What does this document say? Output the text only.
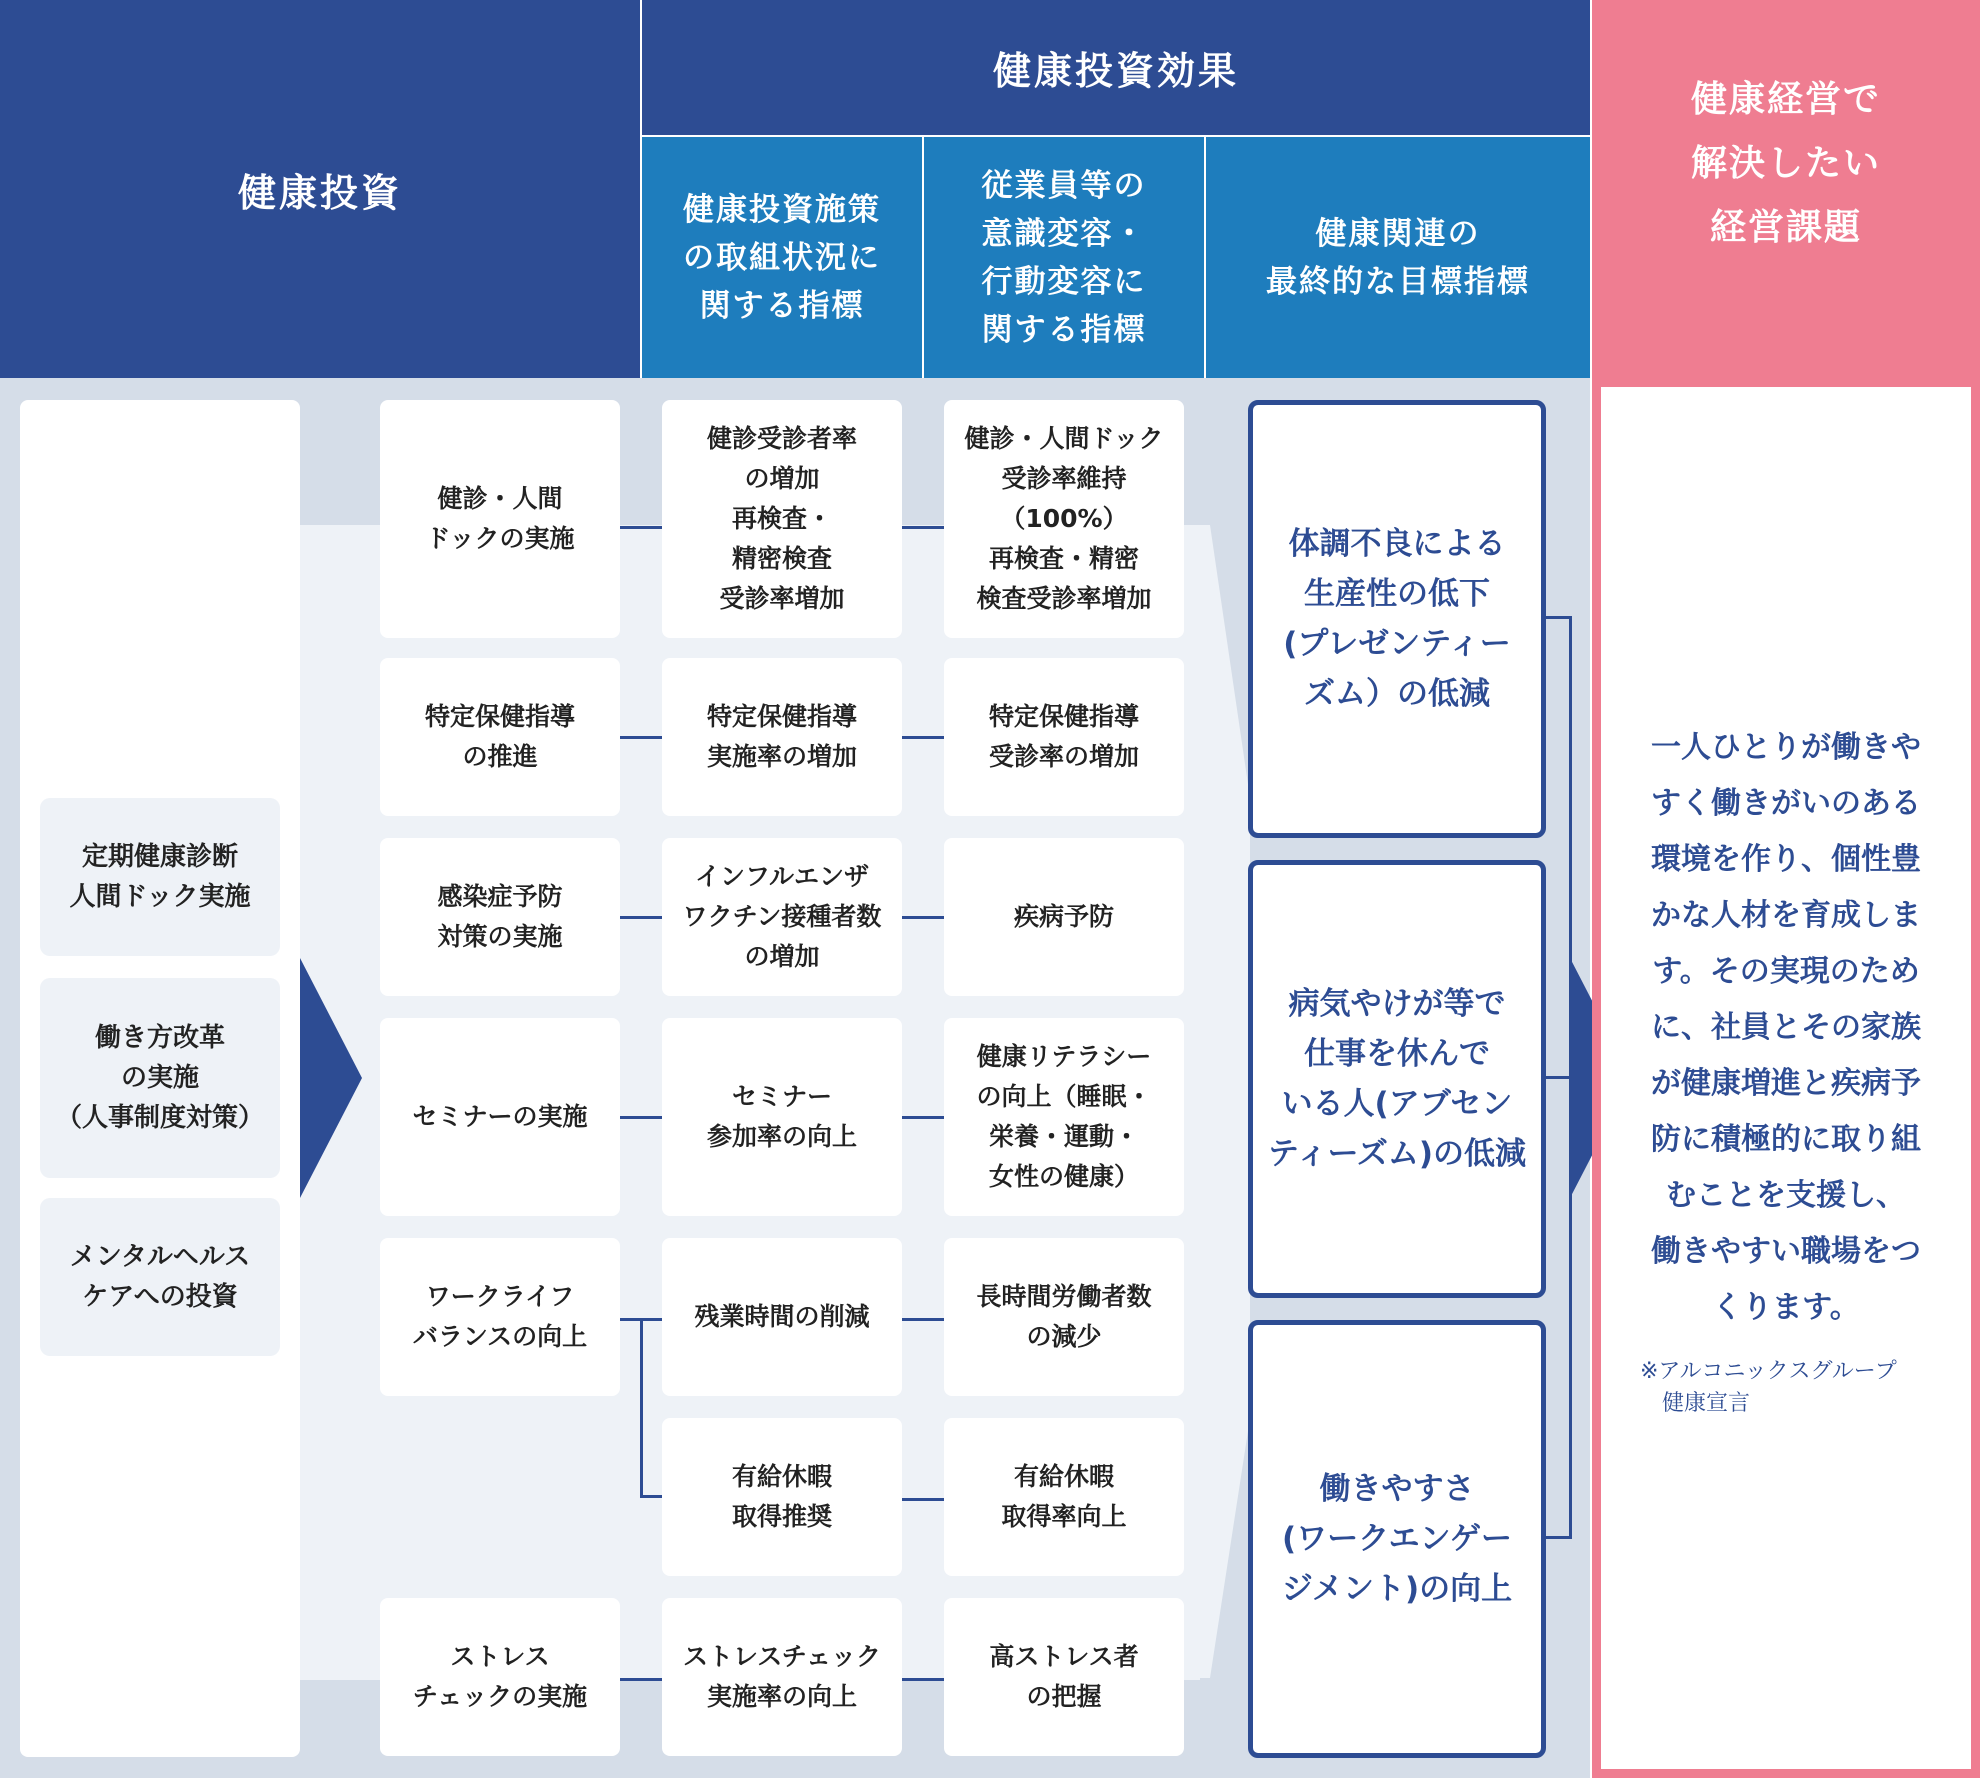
健康投資
健康投資効果
健康投資施策
の取組状況に
関する指標
従業員等の
意識変容・
行動変容に
関する指標
健康関連の
最終的な目標指標
健康経営で
解決したい
経営課題
定期健康診断
人間ドック実施
働き方改革
の実施
（人事制度対策）
メンタルヘルス
ケアへの投資
健診・人間
ドックの実施
特定保健指導
の推進
感染症予防
対策の実施
セミナーの実施
ワークライフ
バランスの向上
ストレス
チェックの実施
健診受診者率
の増加
再検査・
精密検査
受診率増加
特定保健指導
実施率の増加
インフルエンザ
ワクチン接種者数
の増加
セミナー
参加率の向上
残業時間の削減
有給休暇
取得推奨
ストレスチェック
実施率の向上
健診・人間ドック
受診率維持
（100%）
再検査・精密
検査受診率増加
特定保健指導
受診率の増加
疾病予防
健康リテラシー
の向上（睡眠・
栄養・運動・
女性の健康）
長時間労働者数
の減少
有給休暇
取得率向上
高ストレス者
の把握
体調不良による
生産性の低下
(プレゼンティー
ズム）の低減
病気やけが等で
仕事を休んで
いる人(アブセン
ティーズム)の低減
働きやすさ
(ワークエンゲー
ジメント)の向上
一人ひとりが働きや
すく働きがいのある
環境を作り、個性豊
かな人材を育成しま
す。その実現のため
に、社員とその家族
が健康増進と疾病予
防に積極的に取り組
むことを支援し、
働きやすい職場をつ
くります。
※アルコニックスグループ
　健康宣言
